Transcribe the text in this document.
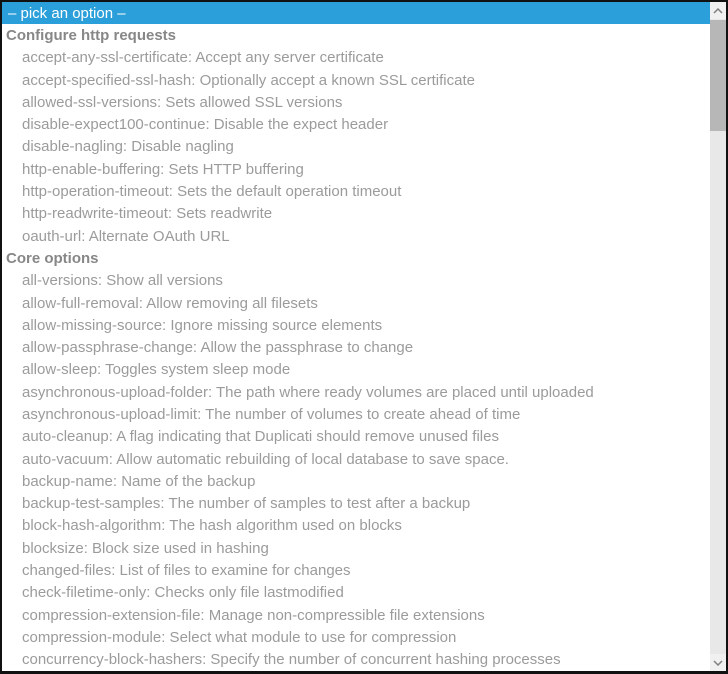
– pick an option –
Configure http requests
accept-any-ssl-certificate: Accept any server certificate
accept-specified-ssl-hash: Optionally accept a known SSL certificate
allowed-ssl-versions: Sets allowed SSL versions
disable-expect100-continue: Disable the expect header
disable-nagling: Disable nagling
http-enable-buffering: Sets HTTP buffering
http-operation-timeout: Sets the default operation timeout
http-readwrite-timeout: Sets readwrite
oauth-url: Alternate OAuth URL
Core options
all-versions: Show all versions
allow-full-removal: Allow removing all filesets
allow-missing-source: Ignore missing source elements
allow-passphrase-change: Allow the passphrase to change
allow-sleep: Toggles system sleep mode
asynchronous-upload-folder: The path where ready volumes are placed until uploaded
asynchronous-upload-limit: The number of volumes to create ahead of time
auto-cleanup: A flag indicating that Duplicati should remove unused files
auto-vacuum: Allow automatic rebuilding of local database to save space.
backup-name: Name of the backup
backup-test-samples: The number of samples to test after a backup
block-hash-algorithm: The hash algorithm used on blocks
blocksize: Block size used in hashing
changed-files: List of files to examine for changes
check-filetime-only: Checks only file lastmodified
compression-extension-file: Manage non-compressible file extensions
compression-module: Select what module to use for compression
concurrency-block-hashers: Specify the number of concurrent hashing processes
